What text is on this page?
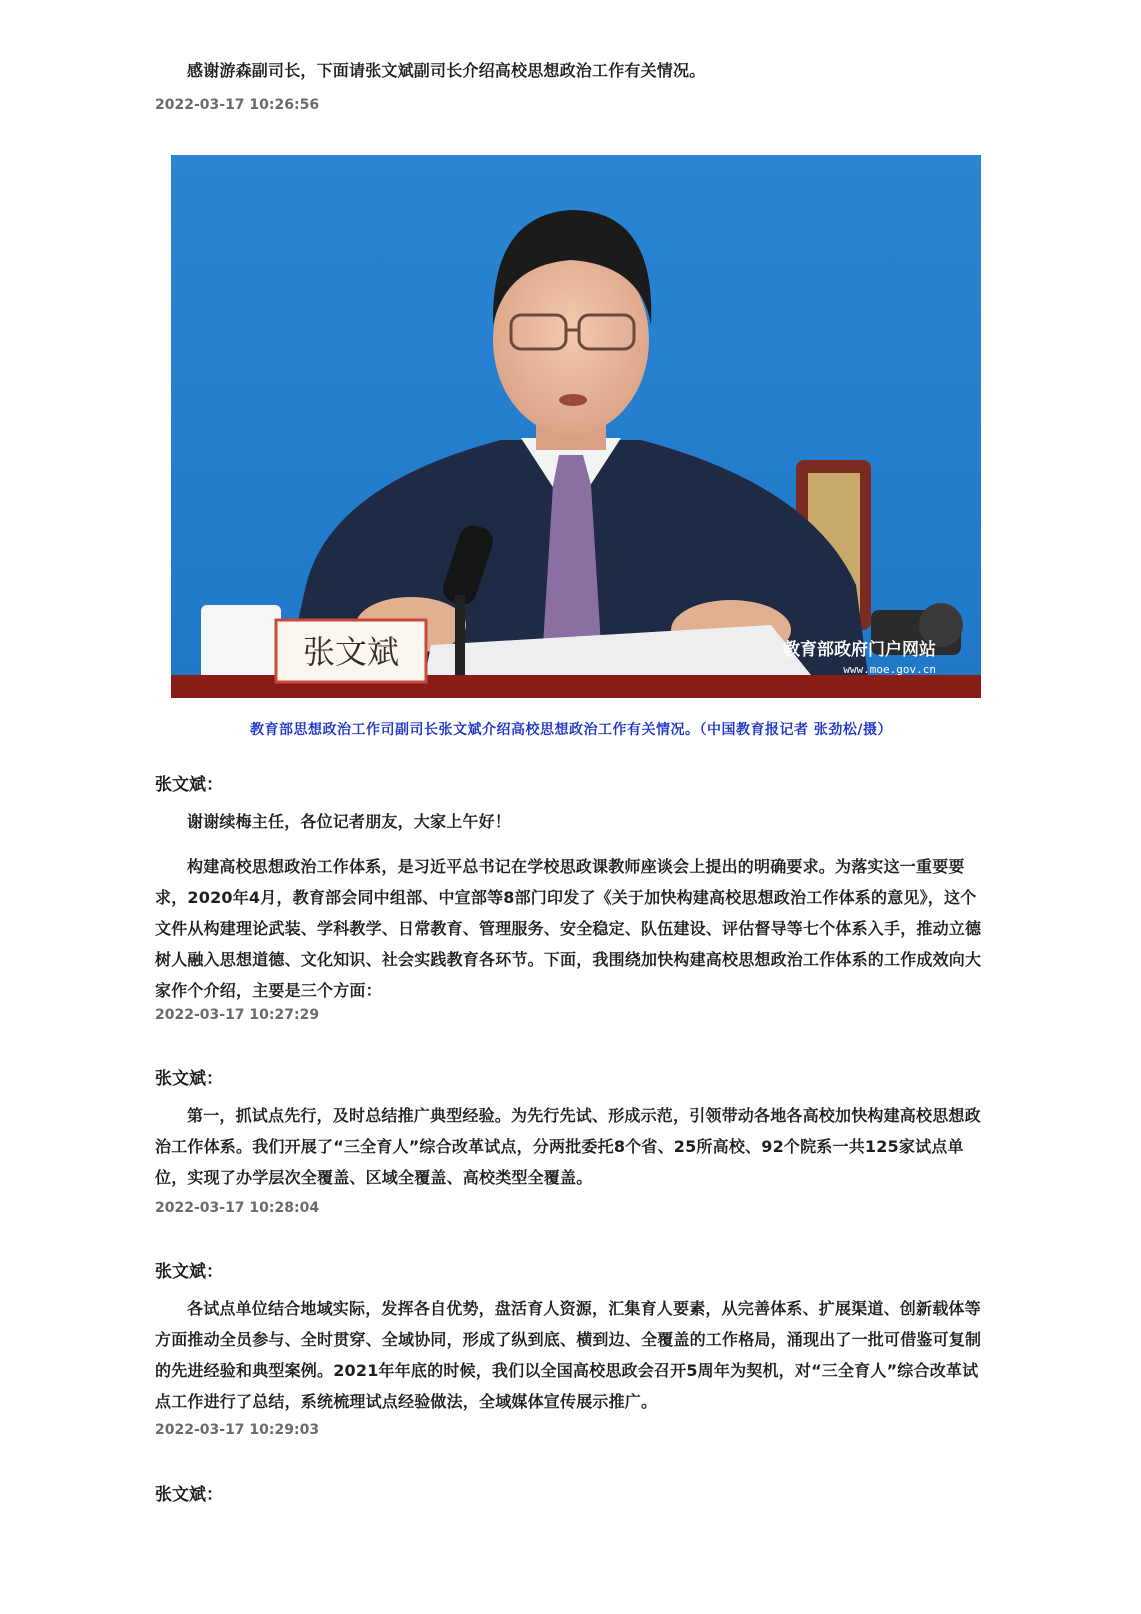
感谢游森副司长，下面请张文斌副司长介绍高校思想政治工作有关情况。

2022-03-17 10:26:56

张文斌	教育部政府门户网站
www.moe.gov.cn

教育部思想政治工作司副司长张文斌介绍高校思想政治工作有关情况。（中国教育报记者 张劲松/摄）

张文斌：

谢谢续梅主任，各位记者朋友，大家上午好！

构建高校思想政治工作体系，是习近平总书记在学校思政课教师座谈会上提出的明确要求。为落实这一重要要求，2020年4月，教育部会同中组部、中宣部等8部门印发了《关于加快构建高校思想政治工作体系的意见》，这个文件从构建理论武装、学科教学、日常教育、管理服务、安全稳定、队伍建设、评估督导等七个体系入手，推动立德树人融入思想道德、文化知识、社会实践教育各环节。下面，我围绕加快构建高校思想政治工作体系的工作成效向大家作个介绍，主要是三个方面：

2022-03-17 10:27:29

张文斌：

第一，抓试点先行，及时总结推广典型经验。为先行先试、形成示范，引领带动各地各高校加快构建高校思想政治工作体系。我们开展了“三全育人”综合改革试点，分两批委托8个省、25所高校、92个院系一共125家试点单位，实现了办学层次全覆盖、区域全覆盖、高校类型全覆盖。

2022-03-17 10:28:04

张文斌：

各试点单位结合地域实际，发挥各自优势，盘活育人资源，汇集育人要素，从完善体系、扩展渠道、创新载体等方面推动全员参与、全时贯穿、全域协同，形成了纵到底、横到边、全覆盖的工作格局，涌现出了一批可借鉴可复制的先进经验和典型案例。2021年年底的时候，我们以全国高校思政会召开5周年为契机，对“三全育人”综合改革试点工作进行了总结，系统梳理试点经验做法，全域媒体宣传展示推广。

2022-03-17 10:29:03

张文斌：
